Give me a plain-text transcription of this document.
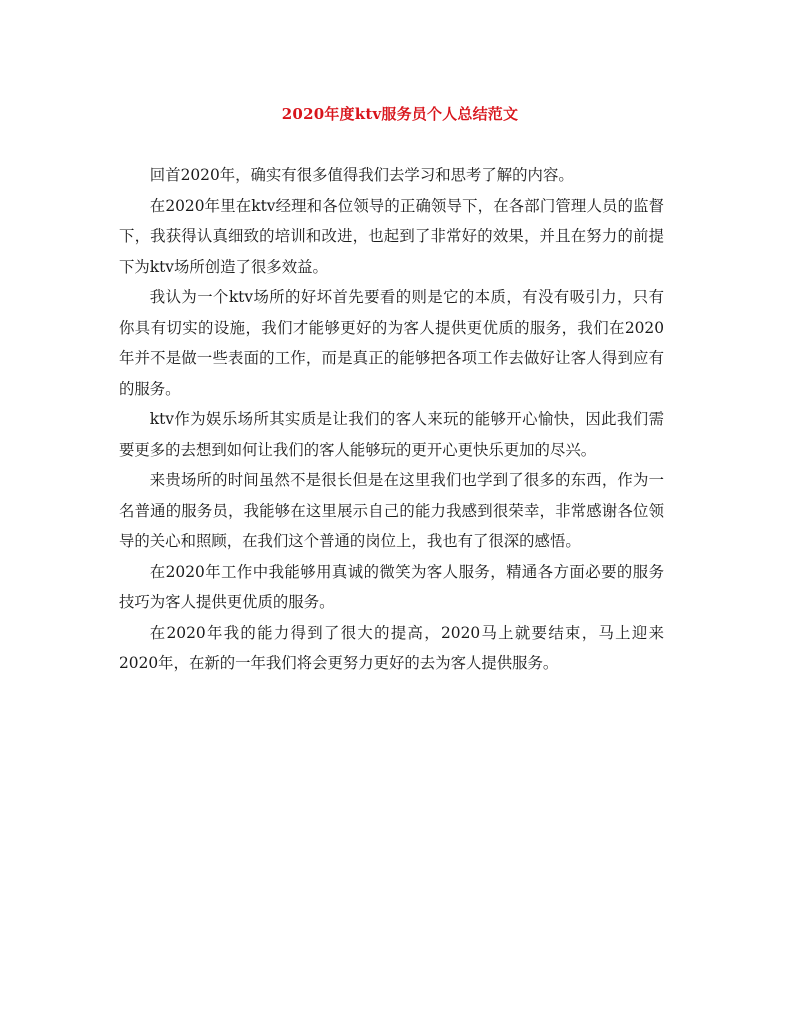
2020年度ktv服务员个人总结范文

回首2020年，确实有很多值得我们去学习和思考了解的内容。

在2020年里在ktv经理和各位领导的正确领导下，在各部门管理人员的监督下，我获得认真细致的培训和改进，也起到了非常好的效果，并且在努力的前提下为ktv场所创造了很多效益。

我认为一个ktv场所的好坏首先要看的则是它的本质，有没有吸引力，只有你具有切实的设施，我们才能够更好的为客人提供更优质的服务，我们在2020年并不是做一些表面的工作，而是真正的能够把各项工作去做好让客人得到应有的服务。

ktv作为娱乐场所其实质是让我们的客人来玩的能够开心愉快，因此我们需要更多的去想到如何让我们的客人能够玩的更开心更快乐更加的尽兴。

来贵场所的时间虽然不是很长但是在这里我们也学到了很多的东西，作为一名普通的服务员，我能够在这里展示自己的能力我感到很荣幸，非常感谢各位领导的关心和照顾，在我们这个普通的岗位上，我也有了很深的感悟。

在2020年工作中我能够用真诚的微笑为客人服务，精通各方面必要的服务技巧为客人提供更优质的服务。

在2020年我的能力得到了很大的提高，2020马上就要结束，马上迎来2020年，在新的一年我们将会更努力更好的去为客人提供服务。
